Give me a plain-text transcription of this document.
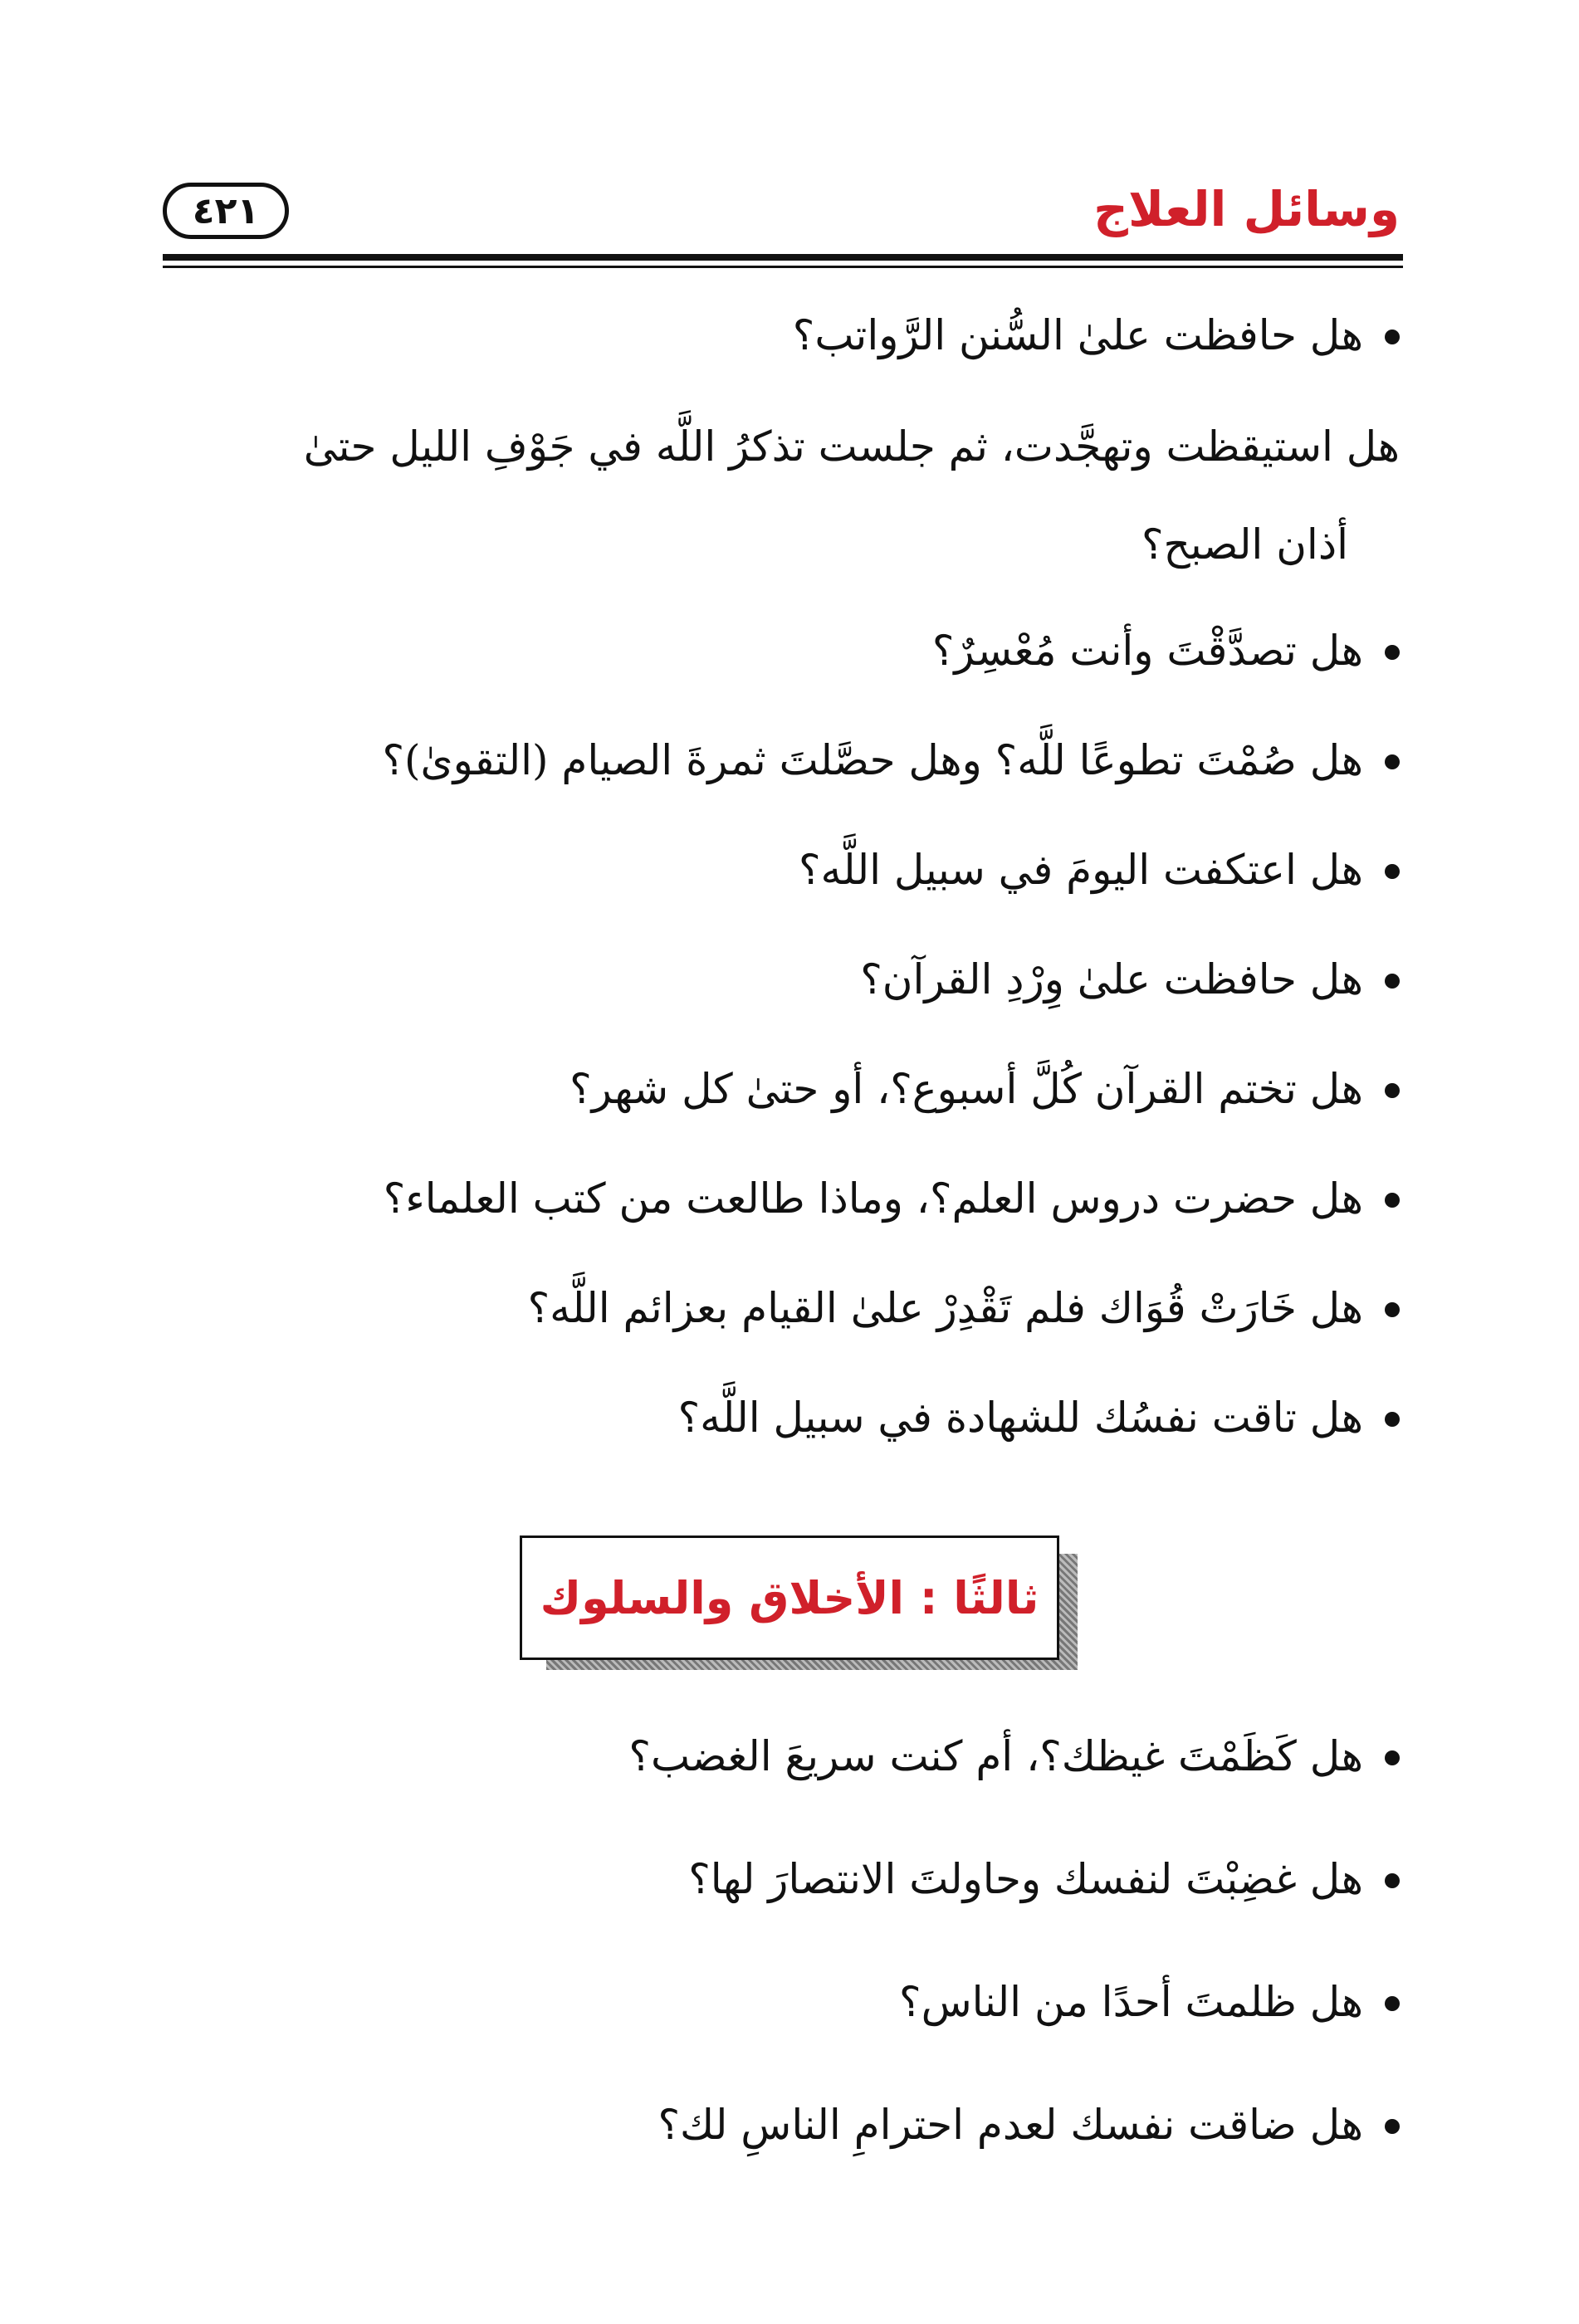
وسائل العلاج
٤٢١
هل حافظت علىٰ السُّنن الرَّواتب؟
هل استيقظت وتهجَّدت، ثم جلست تذكرُ اللَّه في جَوْفِ الليل حتىٰ
أذان الصبح؟
هل تصدَّقْتَ وأنت مُعْسِرٌ؟
هل صُمْتَ تطوعًا للَّه؟ وهل حصَّلتَ ثمرةَ الصيام (التقوىٰ)؟
هل اعتكفت اليومَ في سبيل اللَّه؟
هل حافظت علىٰ وِرْدِ القرآن؟
هل تختم القرآن كُلَّ أسبوع؟، أو حتىٰ كل شهر؟
هل حضرت دروس العلم؟، وماذا طالعت من كتب العلماء؟
هل خَارَتْ قُوَاك فلم تَقْدِرْ علىٰ القيام بعزائم اللَّه؟
هل تاقت نفسُك للشهادة في سبيل اللَّه؟
ثالثًا : الأخلاق والسلوك
هل كَظَمْتَ غيظك؟، أم كنت سريعَ الغضب؟
هل غضِبْتَ لنفسك وحاولتَ الانتصارَ لها؟
هل ظلمتَ أحدًا من الناس؟
هل ضاقت نفسك لعدم احترامِ الناسِ لك؟
